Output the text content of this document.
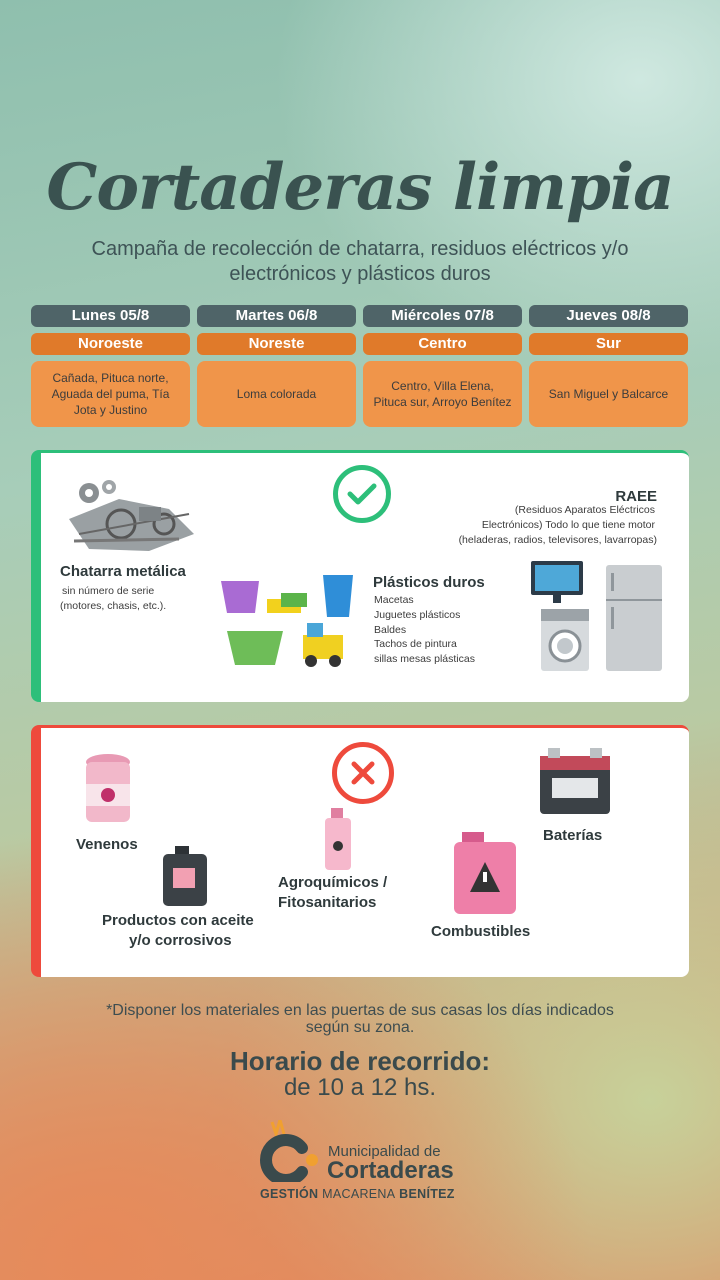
Cortaderas limpia
Campaña de recolección de chatarra, residuos eléctricos y/o electrónicos y plásticos duros
Lunes 05/8
Noroeste
Cañada, Pituca norte, Aguada del puma, Tía Jota y Justino
Martes 06/8
Noreste
Loma colorada
Miércoles 07/8
Centro
Centro, Villa Elena, Pituca sur, Arroyo Benítez
Jueves 08/8
Sur
San Miguel y Balcarce
Chatarra metálica
sin número de serie
(motores, chasis, etc.).
Plásticos duros
Macetas
Juguetes plásticos
Baldes
Tachos de pintura
sillas mesas plásticas
RAEE
(Residuos Aparatos Eléctricos
Electrónicos) Todo lo que tiene motor
(heladeras, radios, televisores, lavarropas)
Venenos
Productos con aceite
y/o corrosivos
Agroquímicos /
Fitosanitarios
Combustibles
Baterías
*Disponer los materiales en las puertas de sus casas los días indicados
según su zona.
Horario de recorrido:
de 10 a 12 hs.
Municipalidad de
Cortaderas
GESTIÓN MACARENA BENÍTEZ
